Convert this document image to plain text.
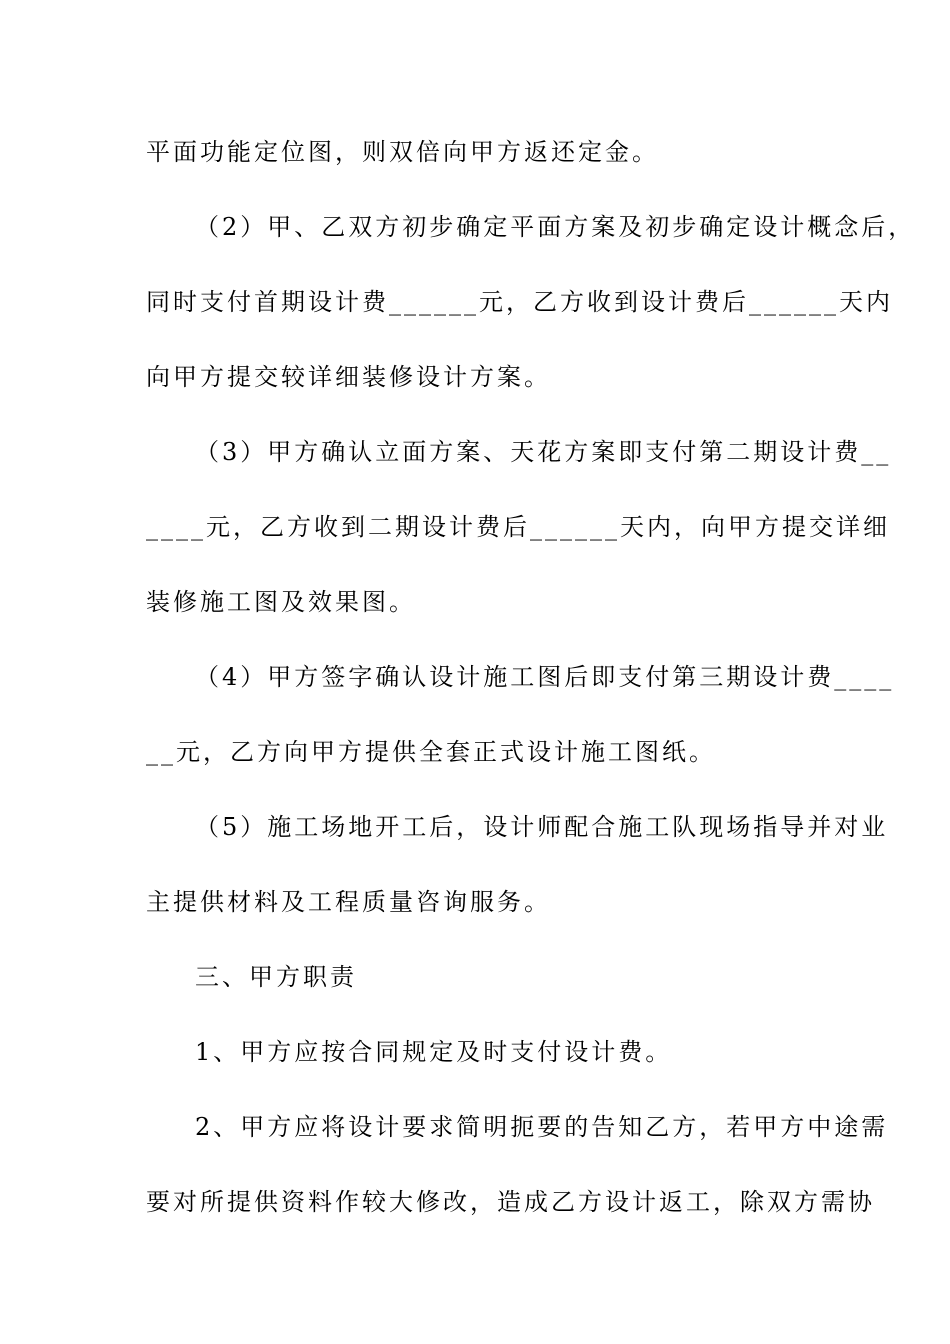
平面功能定位图，则双倍向甲方返还定金。
（2）甲、乙双方初步确定平面方案及初步确定设计概念后，
同时支付首期设计费______元，乙方收到设计费后______天内
向甲方提交较详细装修设计方案。
（3）甲方确认立面方案、天花方案即支付第二期设计费__
____元，乙方收到二期设计费后______天内，向甲方提交详细
装修施工图及效果图。
（4）甲方签字确认设计施工图后即支付第三期设计费____
__元，乙方向甲方提供全套正式设计施工图纸。
（5）施工场地开工后，设计师配合施工队现场指导并对业
主提供材料及工程质量咨询服务。
三、甲方职责
1、甲方应按合同规定及时支付设计费。
2、甲方应将设计要求简明扼要的告知乙方，若甲方中途需
要对所提供资料作较大修改，造成乙方设计返工，除双方需协
